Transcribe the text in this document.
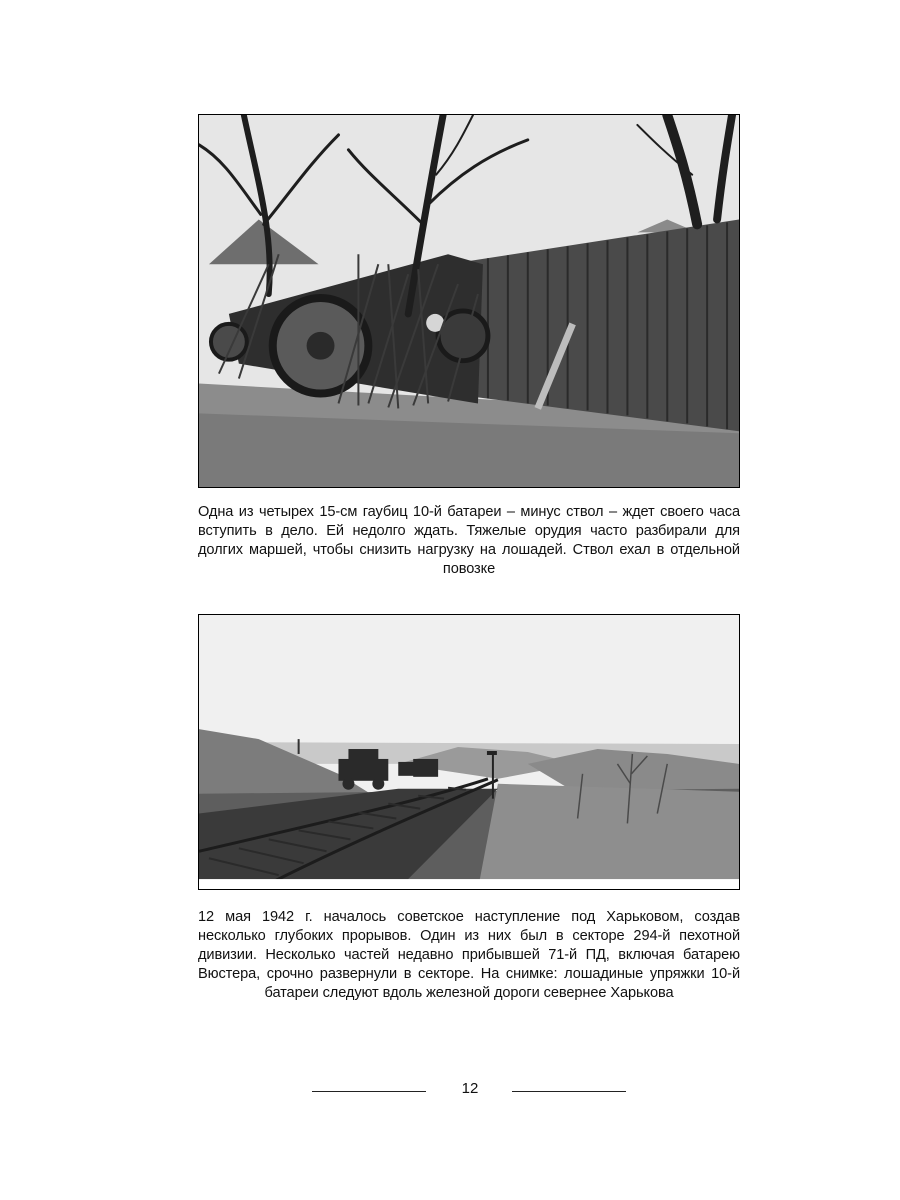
Одна из четырех 15-см гаубиц 10-й батареи – минус ствол – ждет своего часа вступить в дело. Ей недолго ждать. Тяжелые орудия часто разбирали для долгих маршей, чтобы снизить нагрузку на лошадей. Ствол ехал в отдельной повозке
12 мая 1942 г. началось советское наступление под Харьковом, создав несколько глубоких прорывов. Один из них был в секторе 294-й пехотной дивизии. Несколько частей недавно прибывшей 71-й ПД, включая батарею Вюстера, срочно развернули в секторе. На снимке: лошадиные упряжки 10-й батареи следуют вдоль железной дороги севернее Харькова
12
